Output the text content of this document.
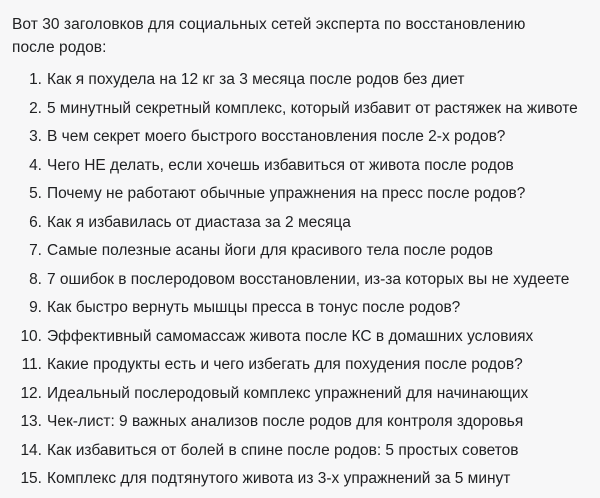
Вот 30 заголовков для социальных сетей эксперта по восстановлению после родов:

1. Как я похудела на 12 кг за 3 месяца после родов без диет
2. 5 минутный секретный комплекс, который избавит от растяжек на животе
3. В чем секрет моего быстрого восстановления после 2-х родов?
4. Чего НЕ делать, если хочешь избавиться от живота после родов
5. Почему не работают обычные упражнения на пресс после родов?
6. Как я избавилась от диастаза за 2 месяца
7. Самые полезные асаны йоги для красивого тела после родов
8. 7 ошибок в послеродовом восстановлении, из-за которых вы не худеете
9. Как быстро вернуть мышцы пресса в тонус после родов?
10. Эффективный самомассаж живота после КС в домашних условиях
11. Какие продукты есть и чего избегать для похудения после родов?
12. Идеальный послеродовый комплекс упражнений для начинающих
13. Чек-лист: 9 важных анализов после родов для контроля здоровья
14. Как избавиться от болей в спине после родов: 5 простых советов
15. Комплекс для подтянутого живота из 3-х упражнений за 5 минут
